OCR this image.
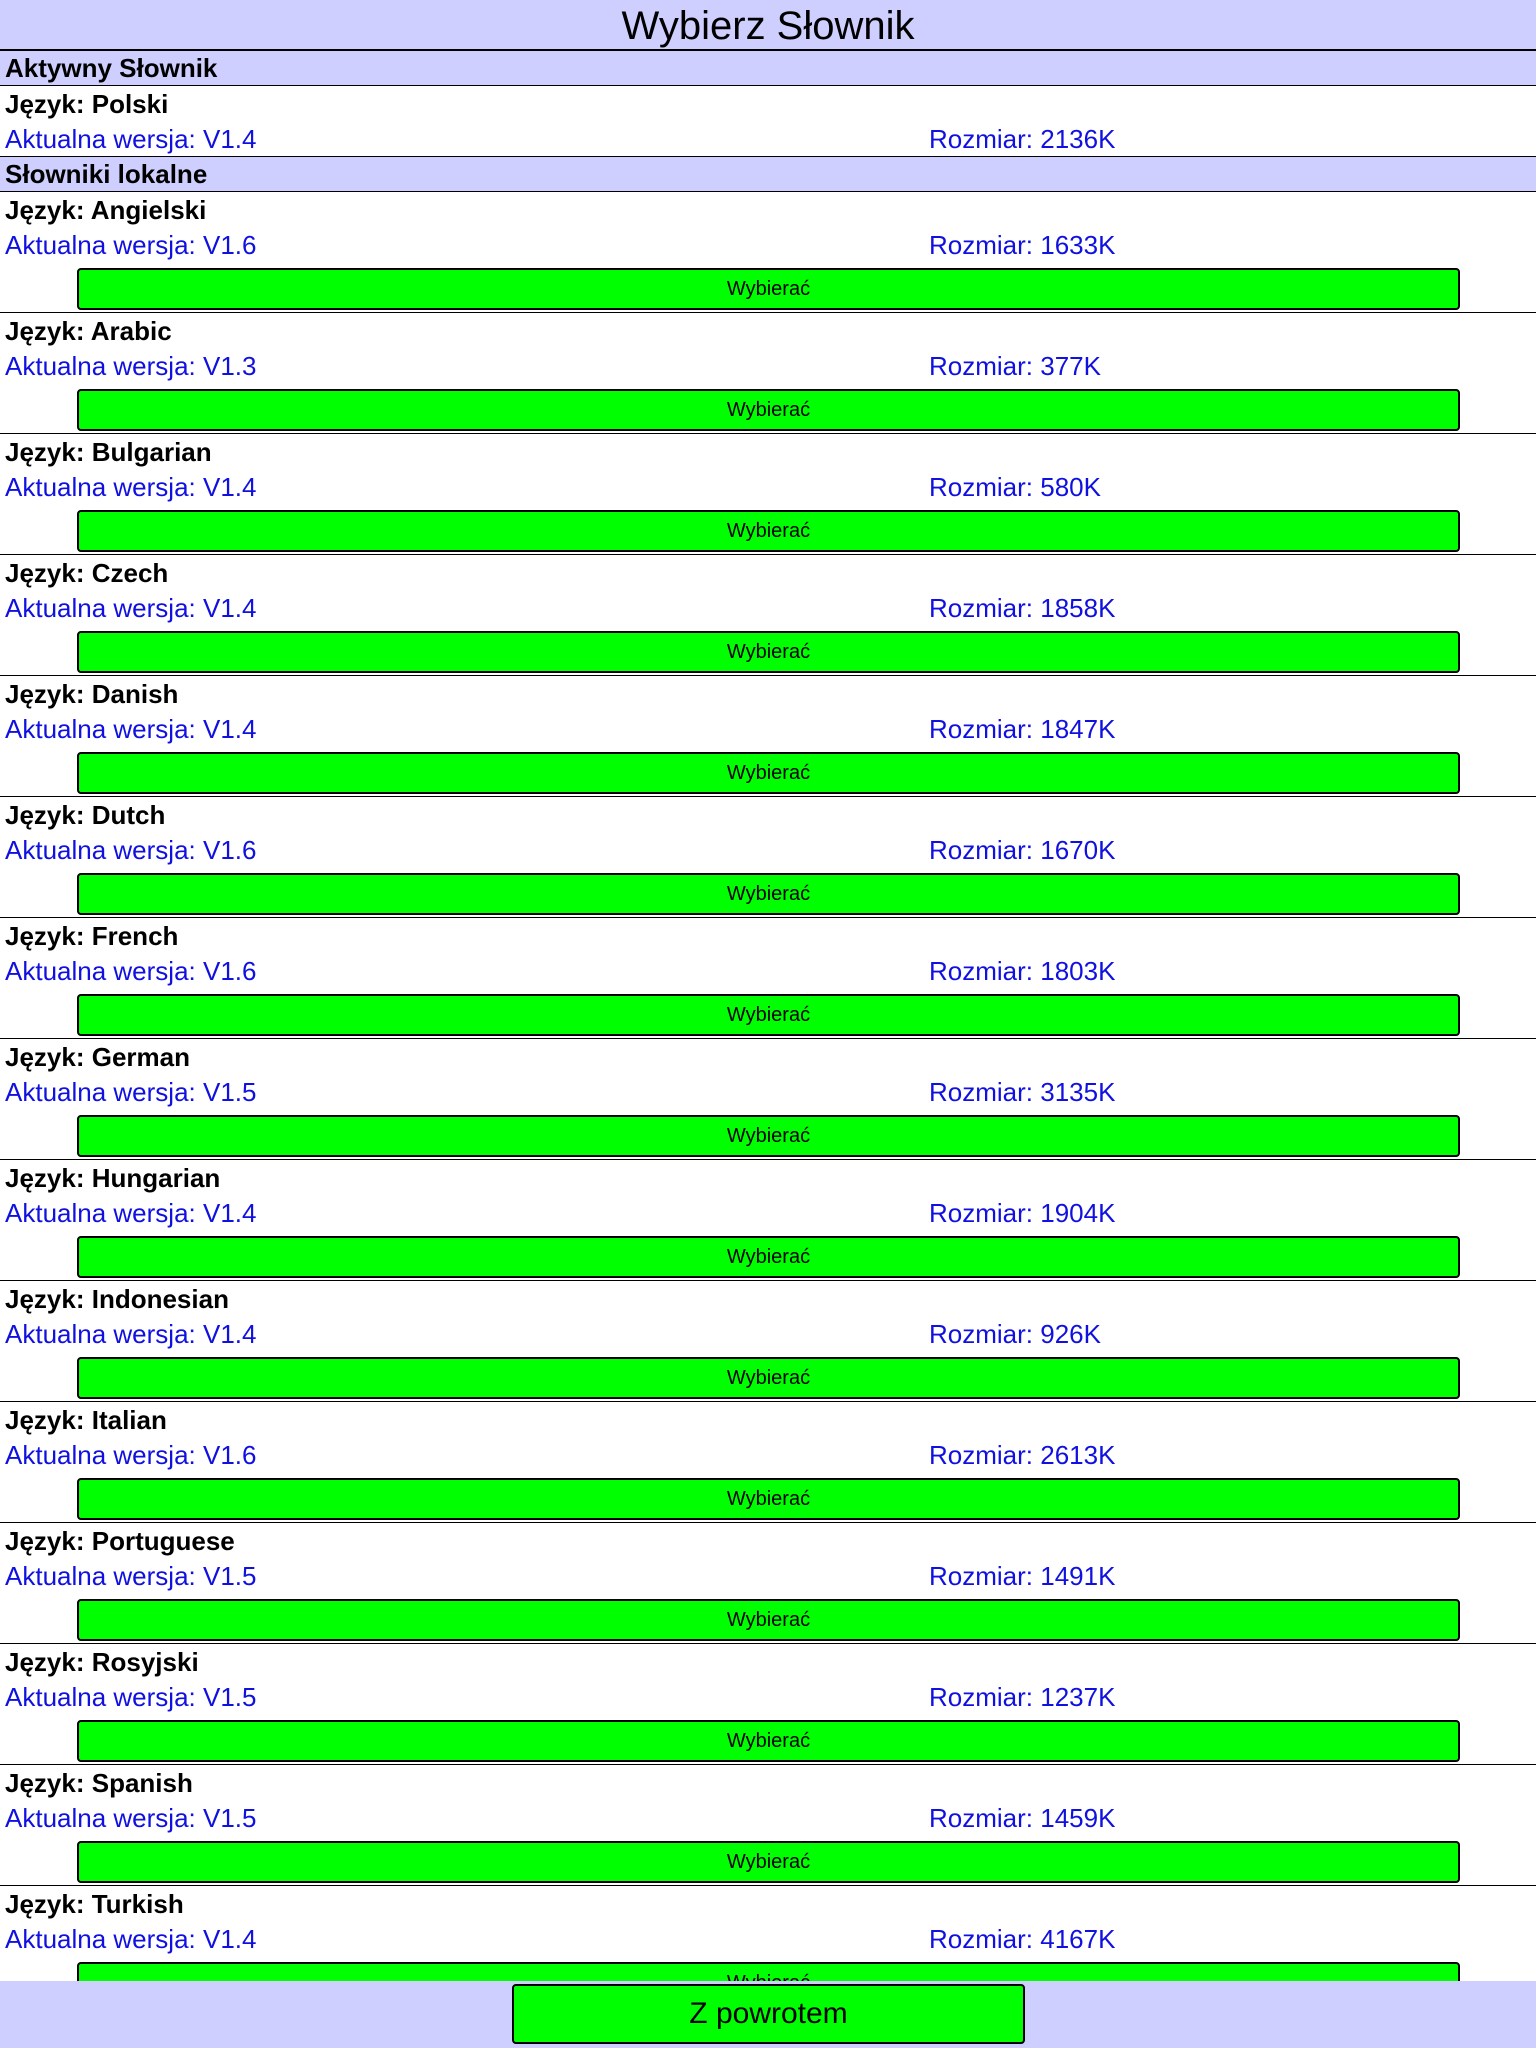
Wybierz Słownik
Aktywny Słownik
Język: Polski
Aktualna wersja: V1.4	Rozmiar: 2136K
Słowniki lokalne
Język: Angielski
Aktualna wersja: V1.6	Rozmiar: 1633K
Wybierać
Język: Arabic
Aktualna wersja: V1.3	Rozmiar: 377K
Wybierać
Język: Bulgarian
Aktualna wersja: V1.4	Rozmiar: 580K
Wybierać
Język: Czech
Aktualna wersja: V1.4	Rozmiar: 1858K
Wybierać
Język: Danish
Aktualna wersja: V1.4	Rozmiar: 1847K
Wybierać
Język: Dutch
Aktualna wersja: V1.6	Rozmiar: 1670K
Wybierać
Język: French
Aktualna wersja: V1.6	Rozmiar: 1803K
Wybierać
Język: German
Aktualna wersja: V1.5	Rozmiar: 3135K
Wybierać
Język: Hungarian
Aktualna wersja: V1.4	Rozmiar: 1904K
Wybierać
Język: Indonesian
Aktualna wersja: V1.4	Rozmiar: 926K
Wybierać
Język: Italian
Aktualna wersja: V1.6	Rozmiar: 2613K
Wybierać
Język: Portuguese
Aktualna wersja: V1.5	Rozmiar: 1491K
Wybierać
Język: Rosyjski
Aktualna wersja: V1.5	Rozmiar: 1237K
Wybierać
Język: Spanish
Aktualna wersja: V1.5	Rozmiar: 1459K
Wybierać
Język: Turkish
Aktualna wersja: V1.4	Rozmiar: 4167K
Z powrotem
